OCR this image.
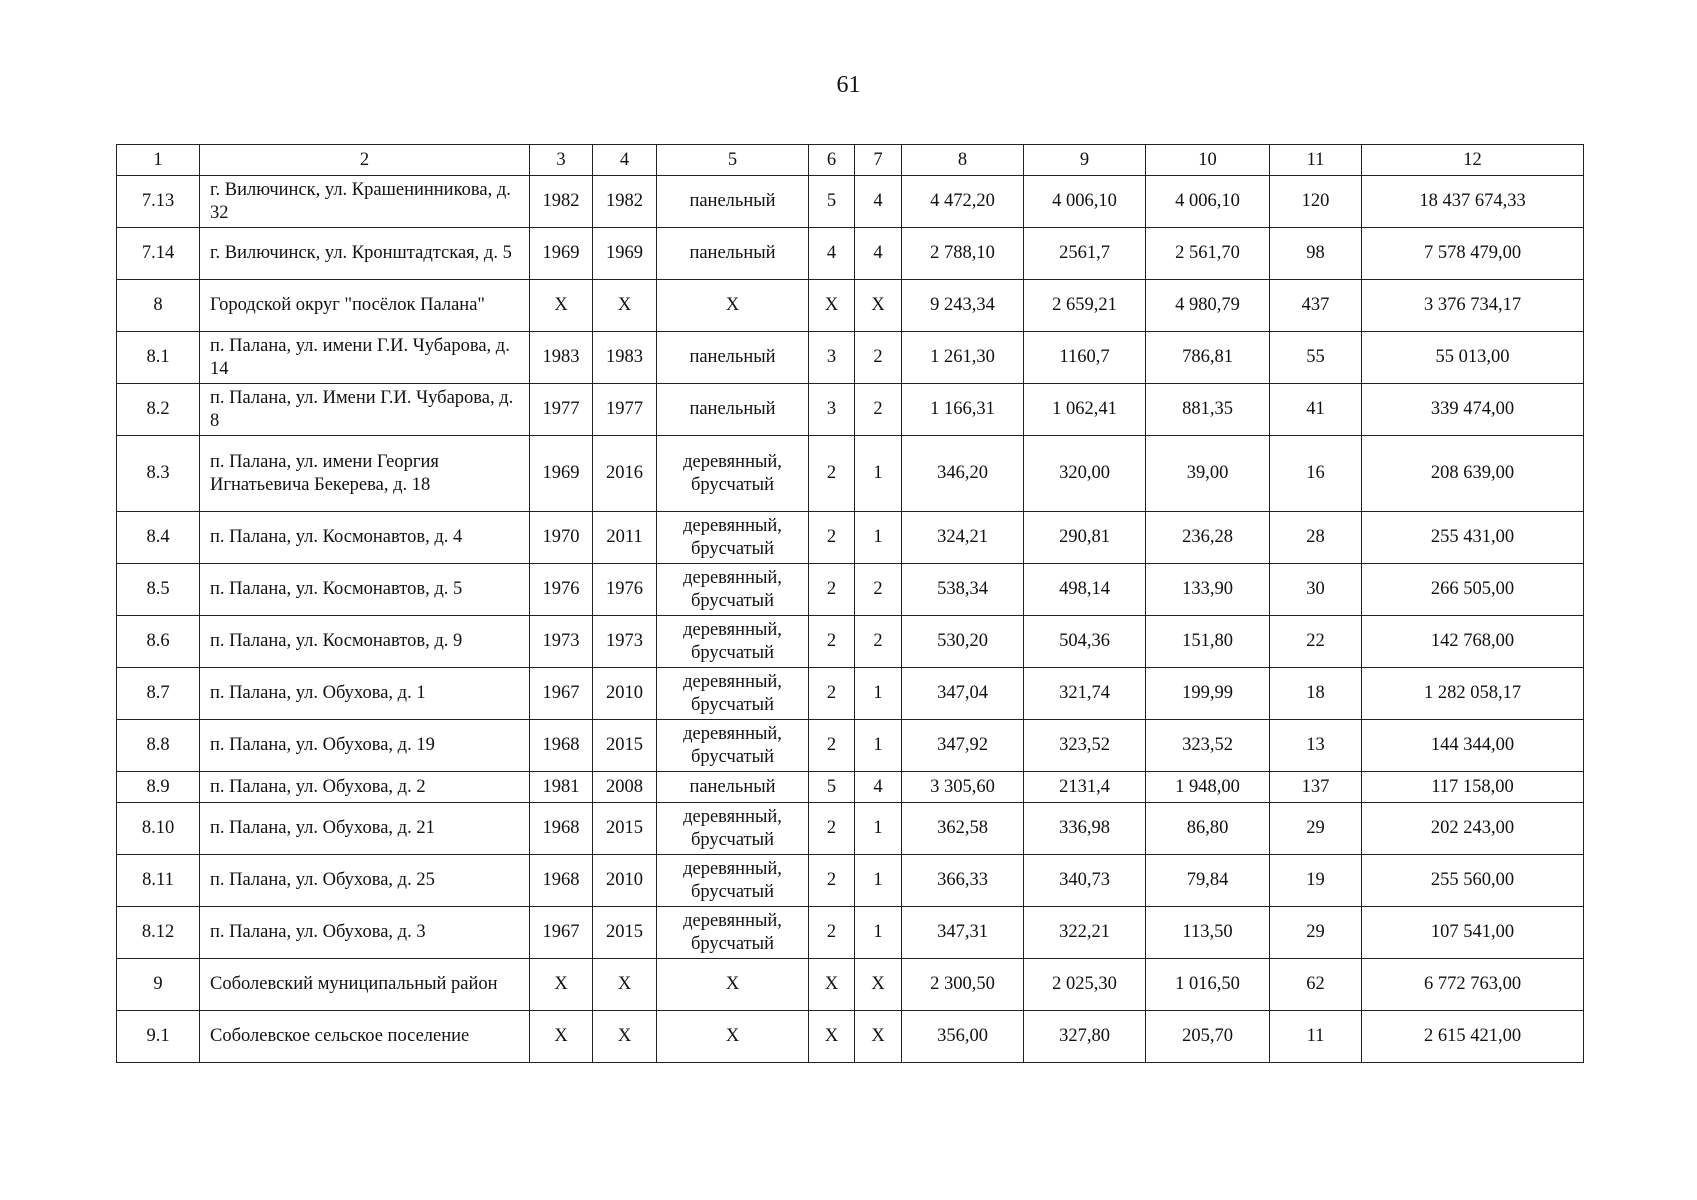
61
1	2	3	4	5	6	7	8	9	10	11	12
7.13	г. Вилючинск, ул. Крашенинникова, д. 32	1982	1982	панельный	5	4	4 472,20	4 006,10	4 006,10	120	18 437 674,33
7.14	г. Вилючинск, ул. Кронштадтская, д. 5	1969	1969	панельный	4	4	2 788,10	2561,7	2 561,70	98	7 578 479,00
8	Городской округ "посёлок Палана"	X	X	X	X	X	9 243,34	2 659,21	4 980,79	437	3 376 734,17
8.1	п. Палана, ул. имени Г.И. Чубарова, д. 14	1983	1983	панельный	3	2	1 261,30	1160,7	786,81	55	55 013,00
8.2	п. Палана, ул. Имени Г.И. Чубарова, д. 8	1977	1977	панельный	3	2	1 166,31	1 062,41	881,35	41	339 474,00
8.3	п. Палана, ул. имени Георгия Игнатьевича Бекерева, д. 18	1969	2016	деревянный, брусчатый	2	1	346,20	320,00	39,00	16	208 639,00
8.4	п. Палана, ул. Космонавтов, д. 4	1970	2011	деревянный, брусчатый	2	1	324,21	290,81	236,28	28	255 431,00
8.5	п. Палана, ул. Космонавтов, д. 5	1976	1976	деревянный, брусчатый	2	2	538,34	498,14	133,90	30	266 505,00
8.6	п. Палана, ул. Космонавтов, д. 9	1973	1973	деревянный, брусчатый	2	2	530,20	504,36	151,80	22	142 768,00
8.7	п. Палана, ул. Обухова, д. 1	1967	2010	деревянный, брусчатый	2	1	347,04	321,74	199,99	18	1 282 058,17
8.8	п. Палана, ул. Обухова, д. 19	1968	2015	деревянный, брусчатый	2	1	347,92	323,52	323,52	13	144 344,00
8.9	п. Палана, ул. Обухова, д. 2	1981	2008	панельный	5	4	3 305,60	2131,4	1 948,00	137	117 158,00
8.10	п. Палана, ул. Обухова, д. 21	1968	2015	деревянный, брусчатый	2	1	362,58	336,98	86,80	29	202 243,00
8.11	п. Палана, ул. Обухова, д. 25	1968	2010	деревянный, брусчатый	2	1	366,33	340,73	79,84	19	255 560,00
8.12	п. Палана, ул. Обухова, д. 3	1967	2015	деревянный, брусчатый	2	1	347,31	322,21	113,50	29	107 541,00
9	Соболевский муниципальный район	X	X	X	X	X	2 300,50	2 025,30	1 016,50	62	6 772 763,00
9.1	Соболевское сельское поселение	X	X	X	X	X	356,00	327,80	205,70	11	2 615 421,00
